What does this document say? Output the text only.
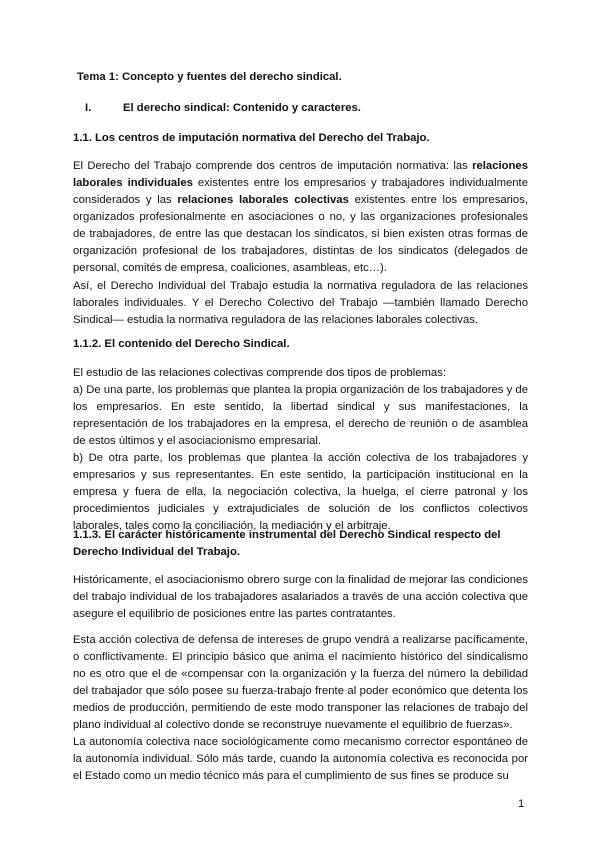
Tema 1: Concepto y fuentes del derecho sindical.
I.	El derecho sindical: Contenido y caracteres.
1.1. Los centros de imputación normativa del Derecho del Trabajo.
El Derecho del Trabajo comprende dos centros de imputación normativa: las relaciones laborales individuales existentes entre los empresarios y trabajadores individualmente considerados y las relaciones laborales colectivas existentes entre los empresarios, organizados profesionalmente en asociaciones o no, y las organizaciones profesionales de trabajadores, de entre las que destacan los sindicatos, si bien existen otras formas de organización profesional de los trabajadores, distintas de los sindicatos (delegados de personal, comités de empresa, coaliciones, asambleas, etc…).
Así, el Derecho Individual del Trabajo estudia la normativa reguladora de las relaciones laborales individuales. Y el Derecho Colectivo del Trabajo —también llamado Derecho Sindical— estudia la normativa reguladora de las relaciones laborales colectivas.
1.1.2. El contenido del Derecho Sindical.
El estudio de las relaciones colectivas comprende dos tipos de problemas:
a) De una parte, los problemas que plantea la propia organización de los trabajadores y de los empresarios. En este sentido, la libertad sindical y sus manifestaciones, la representación de los trabajadores en la empresa, el derecho de reunión o de asamblea de estos últimos y el asociacionismo empresarial.
b) De otra parte, los problemas que plantea la acción colectiva de los trabajadores y empresarios y sus representantes. En este sentido, la participación institucional en la empresa y fuera de ella, la negociación colectiva, la huelga, el cierre patronal y los procedimientos judiciales y extrajudiciales de solución de los conflictos colectivos laborales, tales como la conciliación, la mediación y el arbitraje.
1.1.3. El carácter históricamente instrumental del Derecho Sindical respecto del Derecho Individual del Trabajo.
Históricamente, el asociacionismo obrero surge con la finalidad de mejorar las condiciones del trabajo individual de los trabajadores asalariados a través de una acción colectiva que asegure el equilibrio de posiciones entre las partes contratantes.
Esta acción colectiva de defensa de intereses de grupo vendrá a realizarse pacíficamente, o conflictivamente. El principio básico que anima el nacimiento histórico del sindicalismo no es otro que el de «compensar con la organización y la fuerza del número la debilidad del trabajador que sólo posee su fuerza-trabajo frente al poder económico que detenta los medios de producción, permitiendo de este modo transponer las relaciones de trabajo del plano individual al colectivo donde se reconstruye nuevamente el equilibrio de fuerzas».
La autonomía colectiva nace sociológicamente como mecanismo corrector espontáneo de la autonomía individual. Sólo más tarde, cuando la autonomía colectiva es reconocida por el Estado como un medio técnico más para el cumplimiento de sus fines se produce su
1
